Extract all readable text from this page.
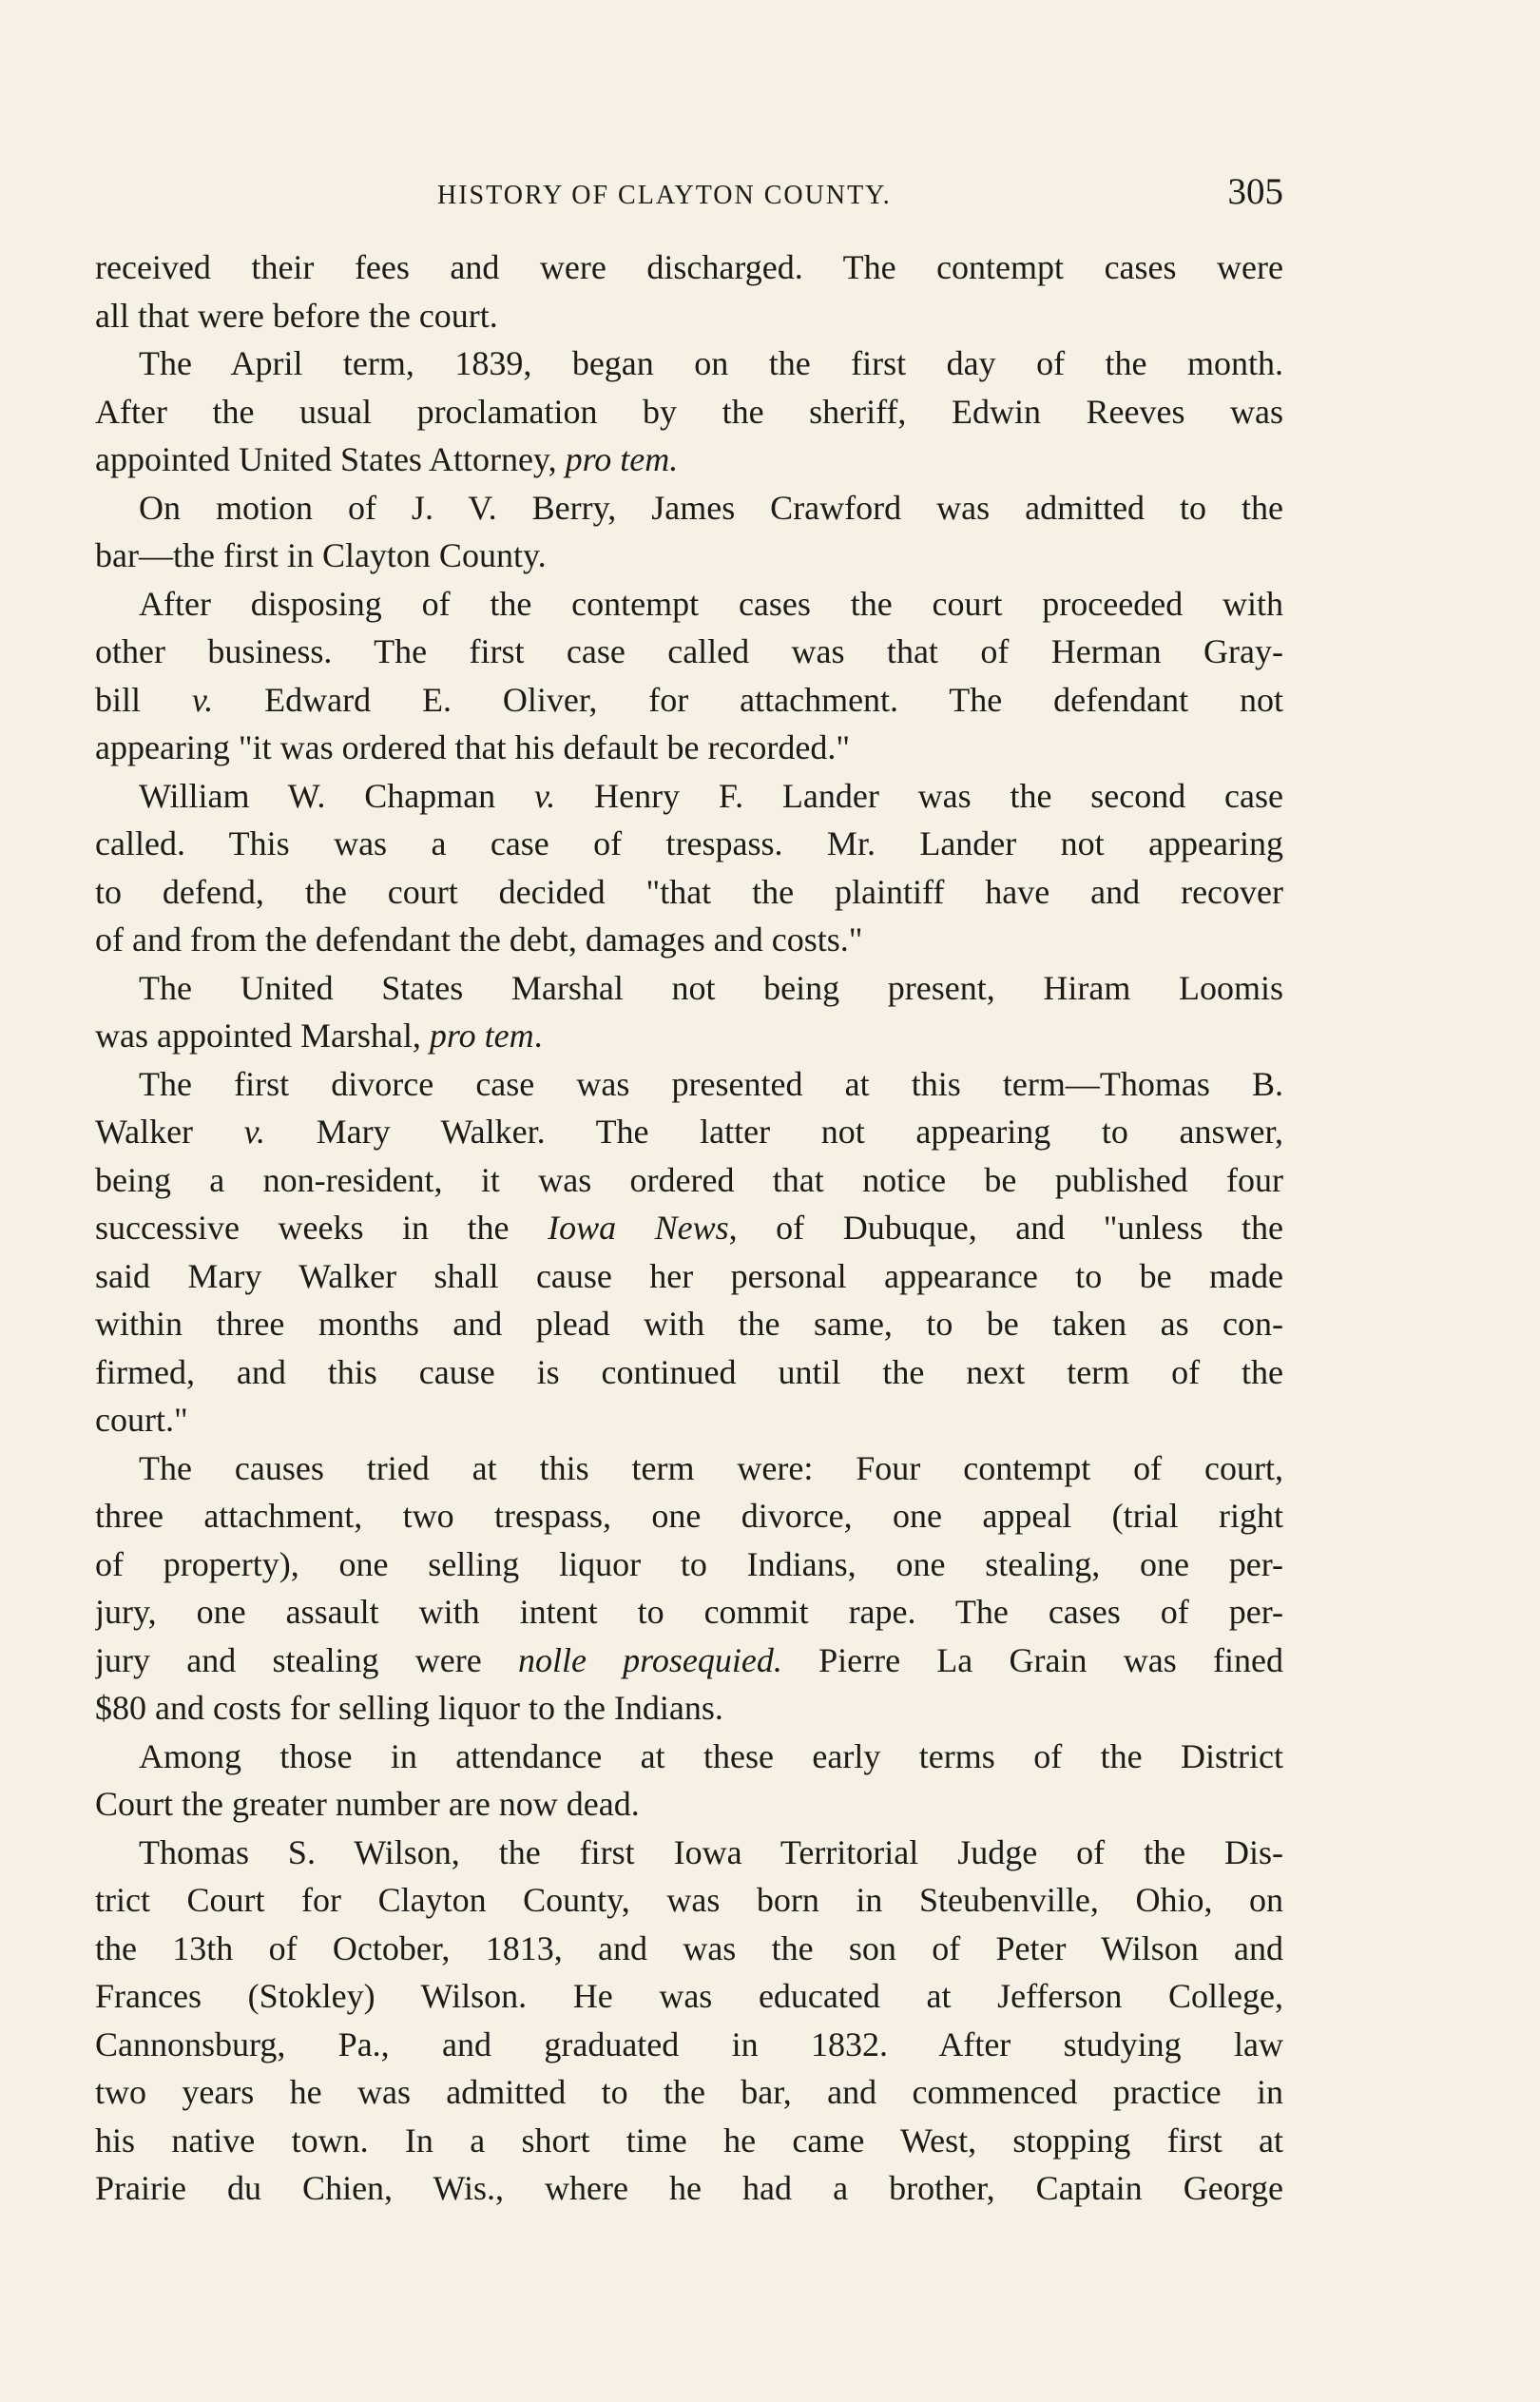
HISTORY OF CLAYTON COUNTY.	305
received their fees and were discharged. The contempt cases were
all that were before the court.
The April term, 1839, began on the first day of the month.
After the usual proclamation by the sheriff, Edwin Reeves was
appointed United States Attorney, pro tem.
On motion of J. V. Berry, James Crawford was admitted to the
bar—the first in Clayton County.
After disposing of the contempt cases the court proceeded with
other business. The first case called was that of Herman Gray-
bill v. Edward E. Oliver, for attachment. The defendant not
appearing "it was ordered that his default be recorded."
William W. Chapman v. Henry F. Lander was the second case
called. This was a case of trespass. Mr. Lander not appearing
to defend, the court decided "that the plaintiff have and recover
of and from the defendant the debt, damages and costs."
The United States Marshal not being present, Hiram Loomis
was appointed Marshal, pro tem.
The first divorce case was presented at this term—Thomas B.
Walker v. Mary Walker. The latter not appearing to answer,
being a non-resident, it was ordered that notice be published four
successive weeks in the Iowa News, of Dubuque, and "unless the
said Mary Walker shall cause her personal appearance to be made
within three months and plead with the same, to be taken as con-
firmed, and this cause is continued until the next term of the
court."
The causes tried at this term were: Four contempt of court,
three attachment, two trespass, one divorce, one appeal (trial right
of property), one selling liquor to Indians, one stealing, one per-
jury, one assault with intent to commit rape. The cases of per-
jury and stealing were nolle prosequied. Pierre La Grain was fined
$80 and costs for selling liquor to the Indians.
Among those in attendance at these early terms of the District
Court the greater number are now dead.
Thomas S. Wilson, the first Iowa Territorial Judge of the Dis-
trict Court for Clayton County, was born in Steubenville, Ohio, on
the 13th of October, 1813, and was the son of Peter Wilson and
Frances (Stokley) Wilson. He was educated at Jefferson College,
Cannonsburg, Pa., and graduated in 1832. After studying law
two years he was admitted to the bar, and commenced practice in
his native town. In a short time he came West, stopping first at
Prairie du Chien, Wis., where he had a brother, Captain George
